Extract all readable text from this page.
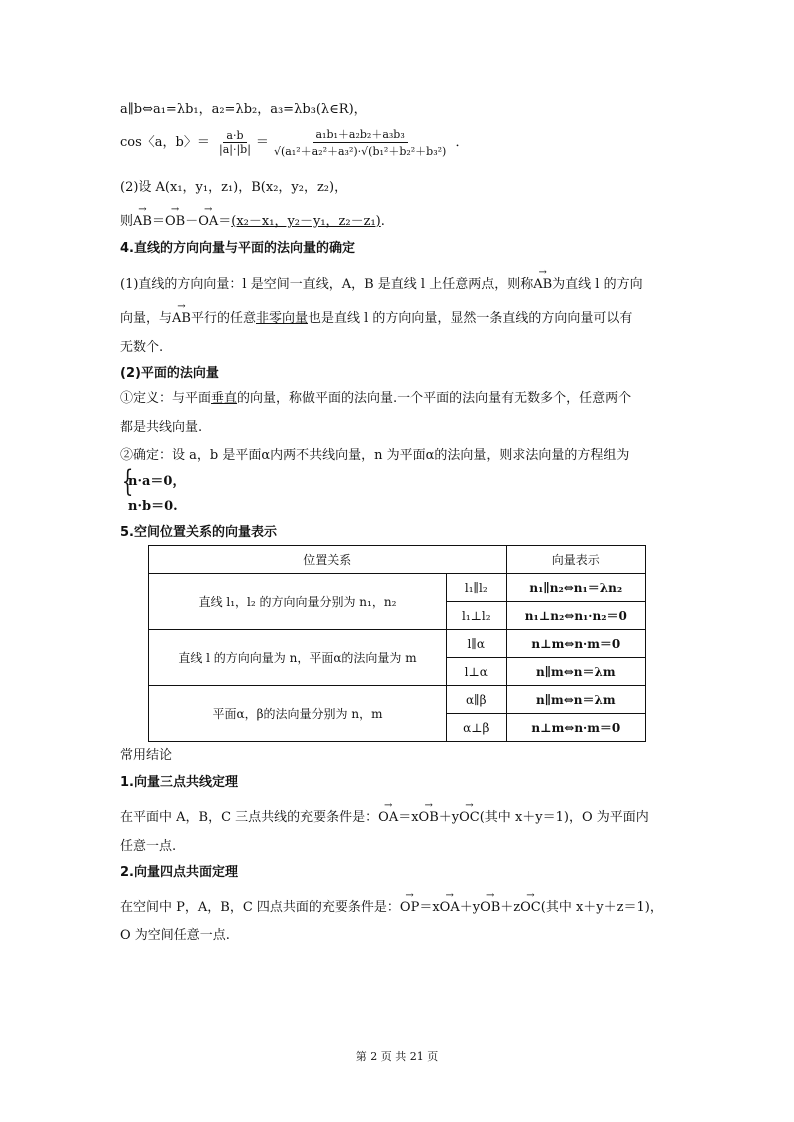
a∥b⇔a₁=λb₁，a₂=λb₂，a₃=λb₃(λ∈R)，
cos〈a，b〉＝ $\frac{a\cdot b}{|a|\cdot|b|} = \frac{\text{a₁b₁＋a₂b₂＋a₃b₃}}{\text{√(a₁²＋a₂²＋a₃²)·√(b₁²＋b₂²＋b₃²)}}$ ．
(2)设 A(x₁，y₁，z₁)，B(x₂，y₂，z₂)，
则→ AB＝→ OB－→ OA＝(x₂－x₁，y₂－y₁，z₂－z₁).
4.直线的方向向量与平面的法向量的确定
(1)直线的方向向量：l 是空间一直线，A，B 是直线 l 上任意两点，则称→ AB为直线 l 的方向
向量，与→ AB平行的任意非零向量也是直线 l 的方向向量，显然一条直线的方向向量可以有
无数个.
(2)平面的法向量
①定义：与平面垂直的向量，称做平面的法向量.一个平面的法向量有无数多个，任意两个
都是共线向量.
②确定：设 a，b 是平面α内两不共线向量，n 为平面α的法向量，则求法向量的方程组为
{
n·a＝0，
n·b＝0.
5.空间位置关系的向量表示
位置关系		向量表示
直线 l₁，l₂ 的方向向量分别为 n₁，n₂	l₁∥l₂	n₁∥n₂⇔n₁＝λn₂
	l₁⊥l₂	n₁⊥n₂⇔n₁·n₂＝0
直线 l 的方向向量为 n，平面α的法向量为 m	l∥α	n⊥m⇔n·m＝0
	l⊥α	n∥m⇔n＝λm
平面α，β的法向量分别为 n，m	α∥β	n∥m⇔n＝λm
	α⊥β	n⊥m⇔n·m＝0
常用结论
1.向量三点共线定理
在平面中 A，B，C 三点共线的充要条件是：→ OA＝x→ OB＋y→ OC(其中 x＋y＝1)，O 为平面内
任意一点.
2.向量四点共面定理
在空间中 P，A，B，C 四点共面的充要条件是：→ OP＝x→ OA＋y→ OB＋z→ OC(其中 x＋y＋z＝1)，
O 为空间任意一点.
第 2 页 共 21 页
